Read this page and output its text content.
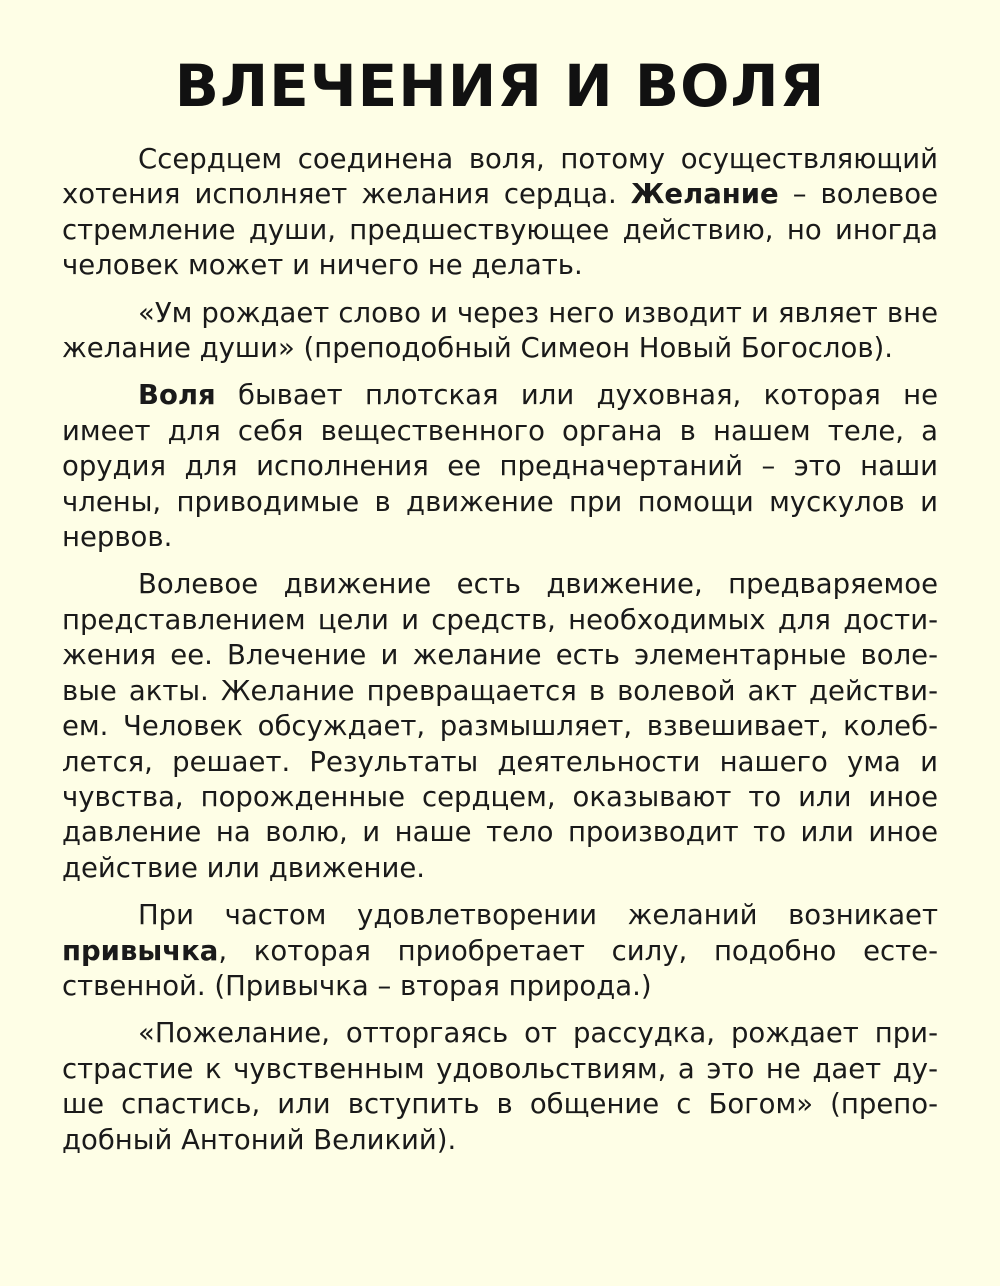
ВЛЕЧЕНИЯ И ВОЛЯ

Ссердцем соединена воля, потому осуществляющий хотения исполняет желания сердца. Желание – волевое стремление души, предшествующее действию, но иногда человек может и ничего не делать.

«Ум рождает слово и через него изводит и являет вне желание души» (преподобный Симеон Новый Богослов).

Воля бывает плотская или духовная, которая не имеет для себя вещественного органа в нашем теле, а орудия для исполнения ее предначертаний – это наши члены, приводимые в движение при помощи мускулов и нервов.

Волевое движение есть движение, предваряемое представлением цели и средств, необходимых для достижения ее. Влечение и желание есть элементарные волевые акты. Желание превращается в волевой акт действием. Человек обсуждает, размышляет, взвешивает, колеблется, решает. Результаты деятельности нашего ума и чувства, порожденные сердцем, оказывают то или иное давление на волю, и наше тело производит то или иное действие или движение.

При частом удовлетворении желаний возникает привычка, которая приобретает силу, подобно естественной. (Привычка – вторая природа.)

«Пожелание, отторгаясь от рассудка, рождает пристрастие к чувственным удовольствиям, а это не дает душе спастись, или вступить в общение с Богом» (преподобный Антоний Великий).
